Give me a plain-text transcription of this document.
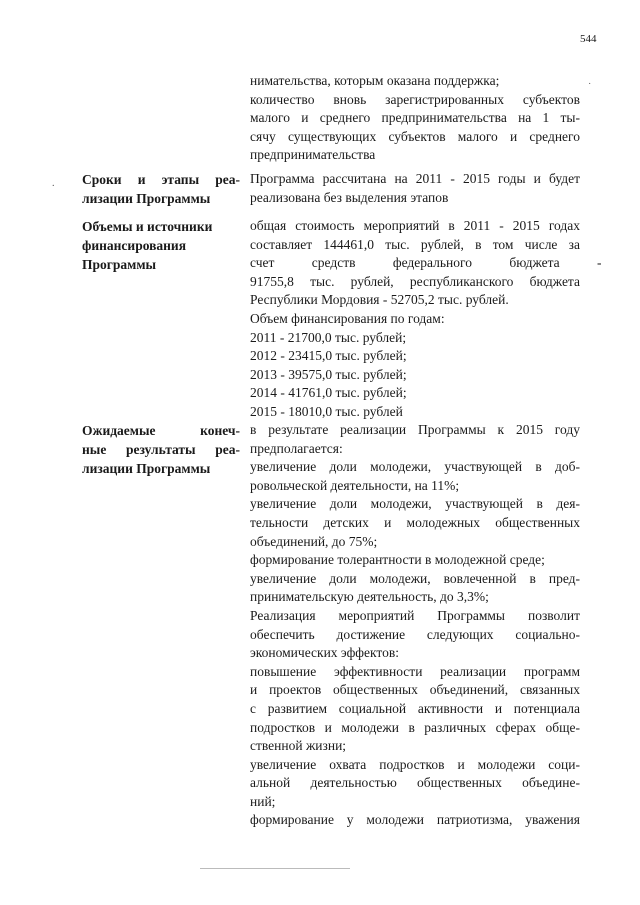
544
нимательства, которым оказана поддержка;
количество вновь зарегистрированных субъектов
малого и среднего предпринимательства на 1 ты-
сячу существующих субъектов малого и среднего
предпринимательства
˙
. Сроки и этапы реа-
лизации Программы
Программа рассчитана на 2011 - 2015 годы и будет
реализована без выделения этапов
Объемы и источники
финансирования
Программы
общая стоимость мероприятий в 2011 - 2015 годах
составляет 144461,0 тыс. рублей, в том числе за
счет средств федерального бюджета -
91755,8 тыс. рублей, республиканского бюджета
Республики Мордовия - 52705,2 тыс. рублей.
Объем финансирования по годам:
2011 - 21700,0 тыс. рублей;
2012 - 23415,0 тыс. рублей;
2013 - 39575,0 тыс. рублей;
2014 - 41761,0 тыс. рублей;
2015 - 18010,0 тыс. рублей
Ожидаемые конеч-
ные результаты реа-
лизации Программы
в результате реализации Программы к 2015 году
предполагается:
увеличение доли молодежи, участвующей в доб-
ровольческой деятельности, на 11%;
увеличение доли молодежи, участвующей в дея-
тельности детских и молодежных общественных
объединений, до 75%;
формирование толерантности в молодежной среде;
увеличение доли молодежи, вовлеченной в пред-
принимательскую деятельность, до 3,3%;
Реализация мероприятий Программы позволит
обеспечить достижение следующих социально-
экономических эффектов:
повышение эффективности реализации программ
и проектов общественных объединений, связанных
с развитием социальной активности и потенциала
подростков и молодежи в различных сферах обще-
ственной жизни;
увеличение охвата подростков и молодежи соци-
альной деятельностью общественных объедине-
ний;
формирование у молодежи патриотизма, уважения
